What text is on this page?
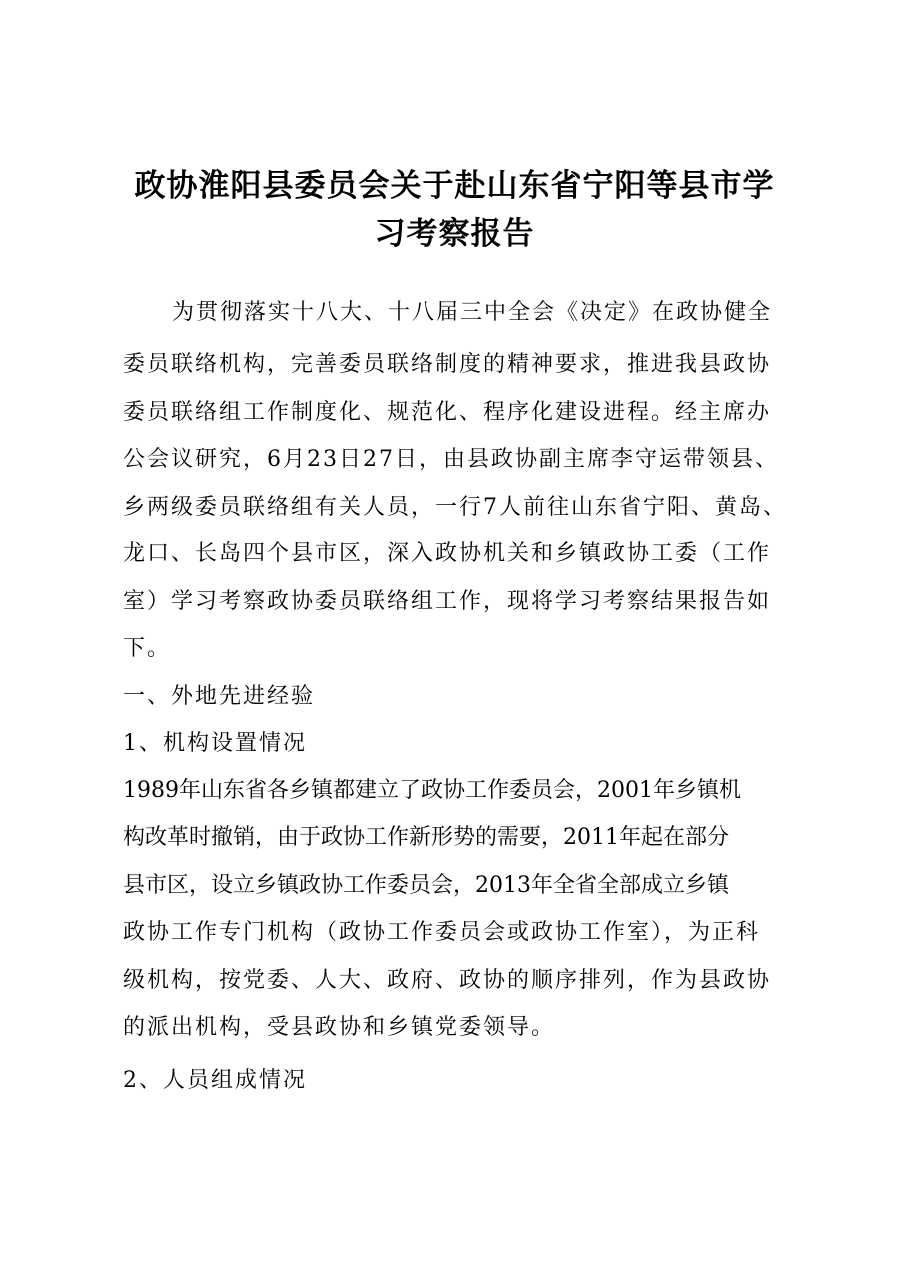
政协淮阳县委员会关于赴山东省宁阳等县市学
习考察报告
为贯彻落实十八大、十八届三中全会《决定》在政协健全
委员联络机构，完善委员联络制度的精神要求，推进我县政协
委员联络组工作制度化、规范化、程序化建设进程。经主席办
公会议研究，6月23日27日，由县政协副主席李守运带领县、
乡两级委员联络组有关人员，一行7人前往山东省宁阳、黄岛、
龙口、长岛四个县市区，深入政协机关和乡镇政协工委（工作
室）学习考察政协委员联络组工作，现将学习考察结果报告如
下。
一、外地先进经验
1、机构设置情况
1989年山东省各乡镇都建立了政协工作委员会，2001年乡镇机
构改革时撤销，由于政协工作新形势的需要，2011年起在部分
县市区，设立乡镇政协工作委员会，2013年全省全部成立乡镇
政协工作专门机构（政协工作委员会或政协工作室），为正科
级机构，按党委、人大、政府、政协的顺序排列，作为县政协
的派出机构，受县政协和乡镇党委领导。
2、人员组成情况
